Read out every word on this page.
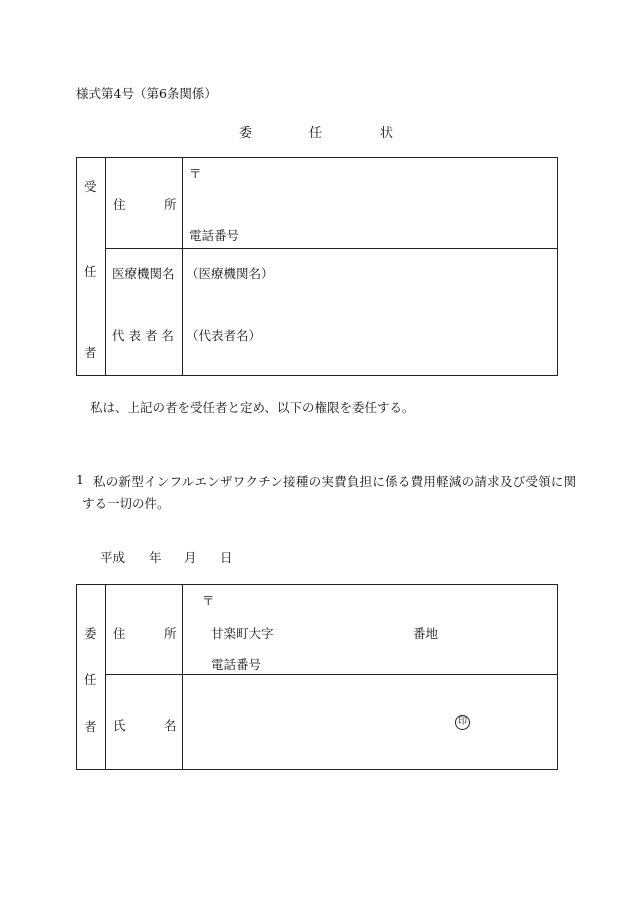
様式第4号（第6条関係）
委	任	状
受
任
者
住	所
〒
電話番号
医療機関名 （医療機関名）
代 表 者 名 （代表者名）
私は、上記の者を受任者と定め、以下の権限を委任する。
1 私の新型インフルエンザワクチン接種の実費負担に係る費用軽減の請求及び受領に関
する一切の件。
平成 年 月 日
委
任
者
住	所
〒
甘楽町大字	番地
電話番号
氏	名	印
